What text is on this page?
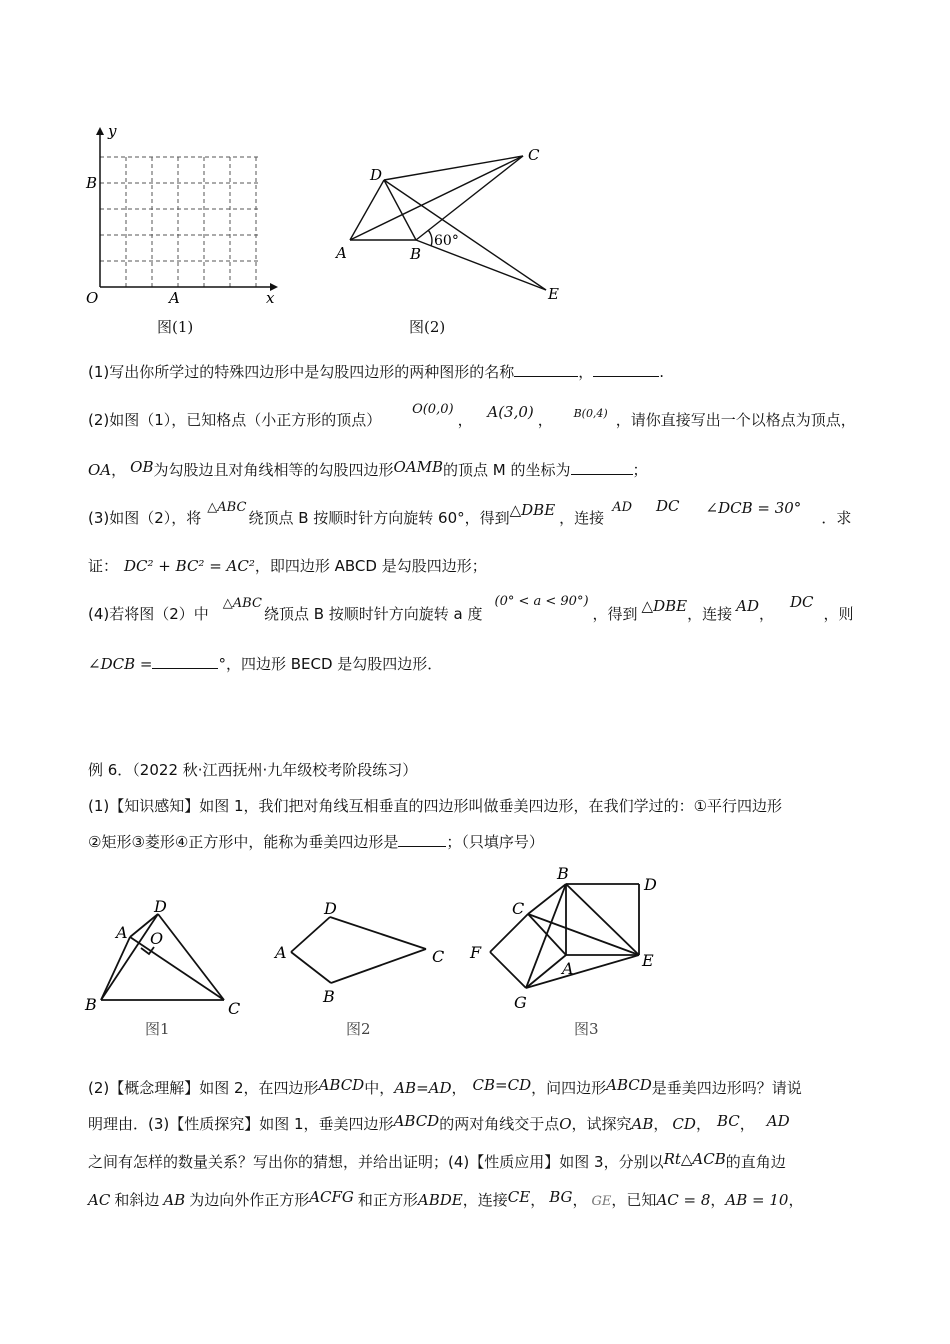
y
x
O	A
B
图(1)
A	B
C
D
E
60°
图(2)
(1)写出你所学过的特殊四边形中是勾股四边形的两种图形的名称	，	.
(2)如图（1），已知格点（小正方形的顶点） O(0,0)， A(3,0) ， $^{B(0,4)}$ ，请你直接写出一个以格点为顶点，
OA， OB为勾股边且对角线相等的勾股四边形OAMB的顶点 M 的坐标为	；
(3)如图（2），将△ABC绕顶点 B 按顺时针方向旋转 60°，得到△DBE ，连接AD DC ∠DCB = 30°．求
证： DC² + BC² = AC²，即四边形 ABCD 是勾股四边形；
(4)若将图（2）中△ABC绕顶点 B 按顺时针方向旋转 a 度(0° < a < 90°)，得到 △DBE，连接 AD，DC，则
∠DCB =	°，四边形 BECD 是勾股四边形．
例 6．（2022 秋·江西抚州·九年级校考阶段练习）
(1)【知识感知】如图 1，我们把对角线互相垂直的四边形叫做垂美四边形，在我们学过的：①平行四边形
②矩形③菱形④正方形中，能称为垂美四边形是	；（只填序号）
A
D
O
B	C
图1
A
D
C
B
图2
B
D
C
F
A	E
G
图3
(2)【概念理解】如图 2，在四边形ABCD中，AB=AD， CB=CD，问四边形ABCD是垂美四边形吗？请说
明理由．(3)【性质探究】如图 1，垂美四边形ABCD的两对角线交于点O，试探究AB， CD， BC， AD
之间有怎样的数量关系？写出你的猜想，并给出证明；(4)【性质应用】如图 3，分别以Rt△ACB的直角边
AC 和斜边 AB 为边向外作正方形ACFG 和正方形ABDE，连接CE， BG， GE，已知AC = 8，AB = 10，
